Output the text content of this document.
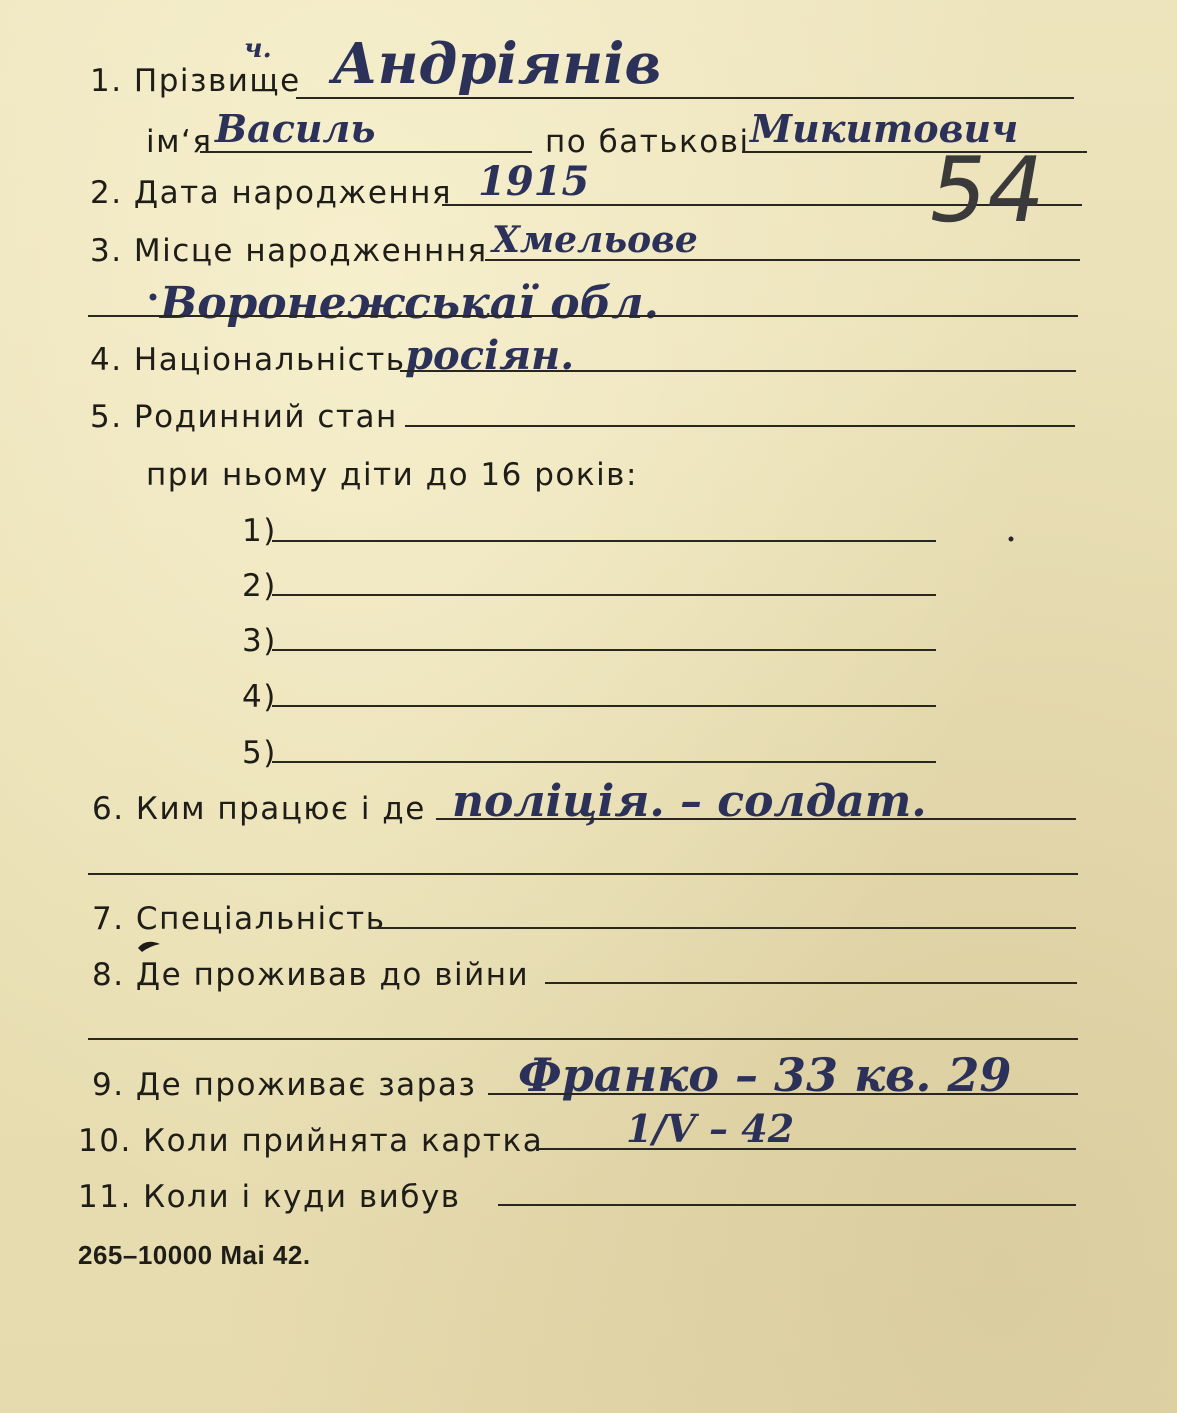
1. Прізвище
ч. Андріянів
ім‘я Василь	по батькові Микитович
2. Дата народження 1915	54
3. Місце народженння Хмельове
Воронежськаї обл.
4. Національність росіян.
5. Родинний стан
при ньому діти до 16 років:
1)
2)
3)
4)
5)
6. Ким працює і де поліція. – солдат.
7. Спеціальність
8. Де проживав до війни
9. Де проживає зараз Франко – 33 кв. 29
10. Коли прийнята картка 1/V – 42
11. Коли і куди вибув
265–10000 Mai 42.
